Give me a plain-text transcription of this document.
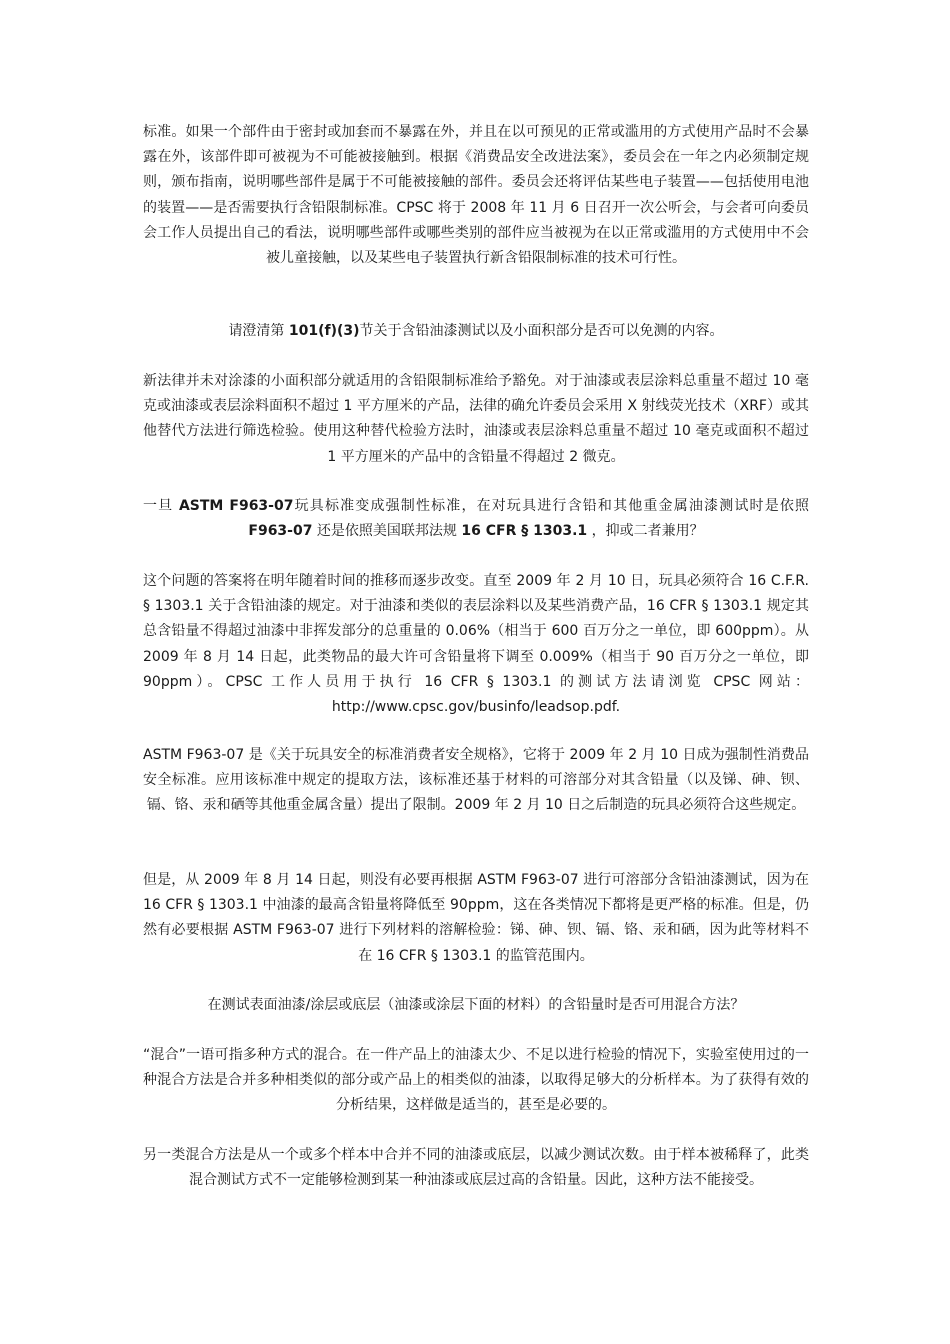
标准。如果一个部件由于密封或加套而不暴露在外，并且在以可预见的正常或滥用的方式使用产品时不会暴露在外，该部件即可被视为不可能被接触到。根据《消费品安全改进法案》，委员会在一年之内必须制定规则，颁布指南，说明哪些部件是属于不可能被接触的部件。委员会还将评估某些电子装置——包括使用电池的装置——是否需要执行含铅限制标准。CPSC 将于 2008 年 11 月 6 日召开一次公听会，与会者可向委员会工作人员提出自己的看法，说明哪些部件或哪些类别的部件应当被视为在以正常或滥用的方式使用中不会被儿童接触，以及某些电子装置执行新含铅限制标准的技术可行性。

请澄清第 101(f)(3)节关于含铅油漆测试以及小面积部分是否可以免测的内容。

新法律并未对涂漆的小面积部分就适用的含铅限制标准给予豁免。对于油漆或表层涂料总重量不超过 10 毫克或油漆或表层涂料面积不超过 1 平方厘米的产品，法律的确允许委员会采用 X 射线荧光技术（XRF）或其他替代方法进行筛选检验。使用这种替代检验方法时，油漆或表层涂料总重量不超过 10 毫克或面积不超过 1 平方厘米的产品中的含铅量不得超过 2 微克。

一旦 ASTM F963-07玩具标准变成强制性标准，在对玩具进行含铅和其他重金属油漆测试时是依照 F963-07 还是依照美国联邦法规 16 CFR § 1303.1 ，抑或二者兼用？

这个问题的答案将在明年随着时间的推移而逐步改变。直至 2009 年 2 月 10 日，玩具必须符合 16 C.F.R. § 1303.1 关于含铅油漆的规定。对于油漆和类似的表层涂料以及某些消费产品，16 CFR § 1303.1 规定其总含铅量不得超过油漆中非挥发部分的总重量的 0.06%（相当于 600 百万分之一单位，即 600ppm）。从 2009 年 8 月 14 日起，此类物品的最大许可含铅量将下调至 0.009%（相当于 90 百万分之一单位，即 90ppm）。CPSC 工作人员用于执行 16 CFR § 1303.1 的测试方法请浏览 CPSC 网站：http://www.cpsc.gov/businfo/leadsop.pdf.

ASTM F963-07 是《关于玩具安全的标准消费者安全规格》，它将于 2009 年 2 月 10 日成为强制性消费品安全标准。应用该标准中规定的提取方法，该标准还基于材料的可溶部分对其含铅量（以及锑、砷、钡、镉、铬、汞和硒等其他重金属含量）提出了限制。2009 年 2 月 10 日之后制造的玩具必须符合这些规定。

但是，从 2009 年 8 月 14 日起，则没有必要再根据 ASTM F963-07 进行可溶部分含铅油漆测试，因为在 16 CFR § 1303.1 中油漆的最高含铅量将降低至 90ppm，这在各类情况下都将是更严格的标准。但是，仍然有必要根据 ASTM F963-07 进行下列材料的溶解检验：锑、砷、钡、镉、铬、汞和硒，因为此等材料不在 16 CFR § 1303.1 的监管范围内。

在测试表面油漆/涂层或底层（油漆或涂层下面的材料）的含铅量时是否可用混合方法？

“混合”一语可指多种方式的混合。在一件产品上的油漆太少、不足以进行检验的情况下，实验室使用过的一种混合方法是合并多种相类似的部分或产品上的相类似的油漆，以取得足够大的分析样本。为了获得有效的分析结果，这样做是适当的，甚至是必要的。

另一类混合方法是从一个或多个样本中合并不同的油漆或底层，以减少测试次数。由于样本被稀释了，此类混合测试方式不一定能够检测到某一种油漆或底层过高的含铅量。因此，这种方法不能接受。
